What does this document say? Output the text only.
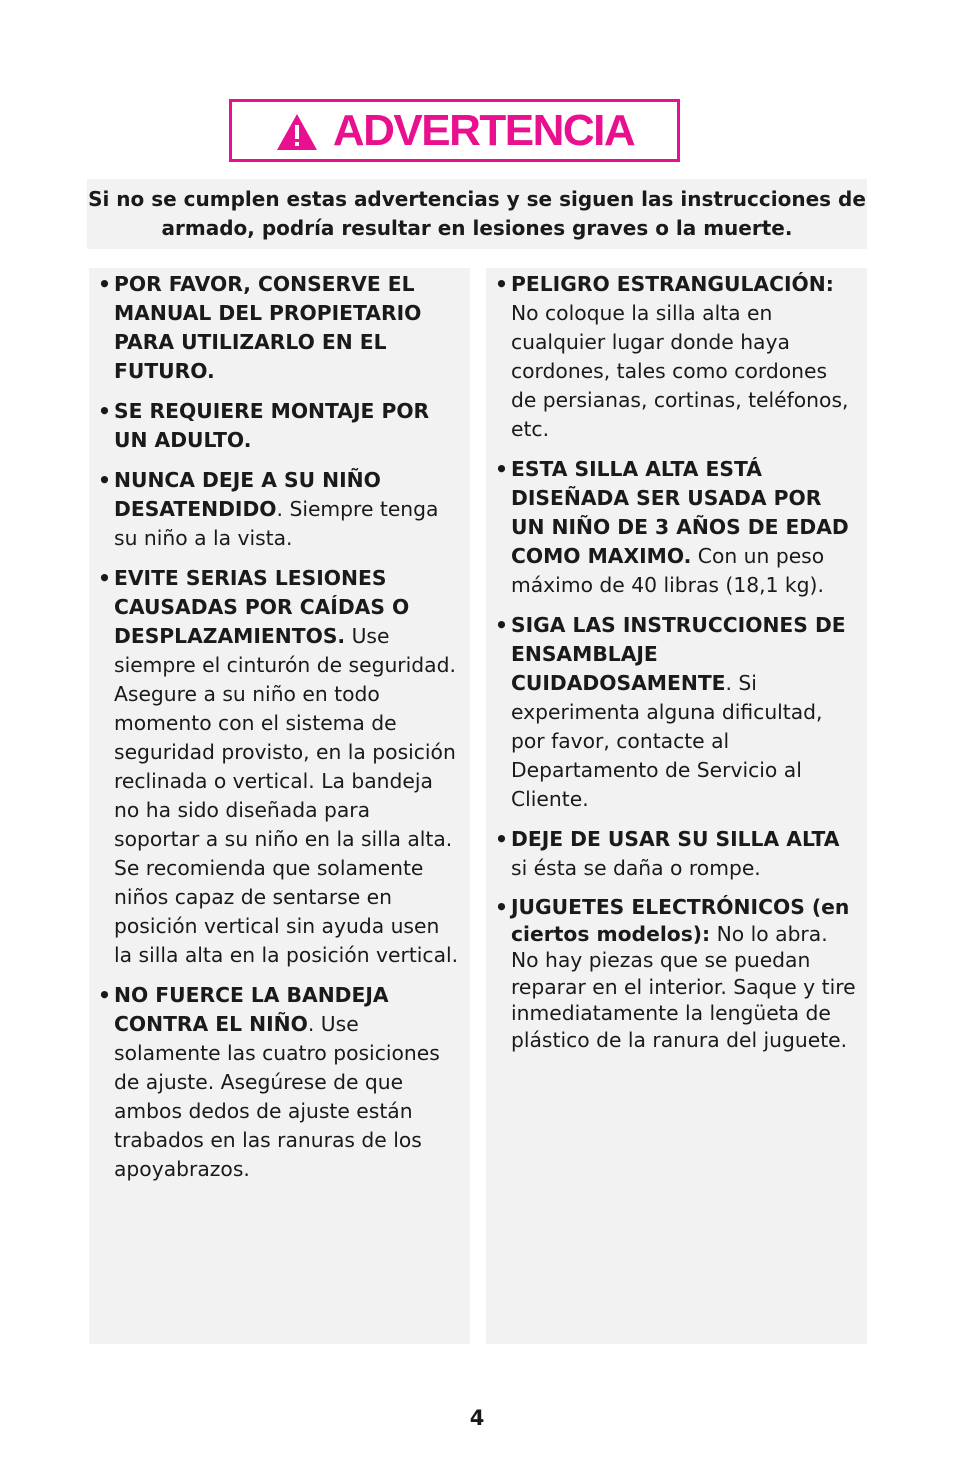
ADVERTENCIA

Si no se cumplen estas advertencias y se siguen las instrucciones de armado, podría resultar en lesiones graves o la muerte.

• POR FAVOR, CONSERVE EL MANUAL DEL PROPIETARIO PARA UTILIZARLO EN EL FUTURO.
• SE REQUIERE MONTAJE POR UN ADULTO.
• NUNCA DEJE A SU NIÑO DESATENDIDO. Siempre tenga su niño a la vista.
• EVITE SERIAS LESIONES CAUSADAS POR CAÍDAS O DESPLAZAMIENTOS. Use siempre el cinturón de seguridad. Asegure a su niño en todo momento con el sistema de seguridad provisto, en la posición reclinada o vertical. La bandeja no ha sido diseñada para soportar a su niño en la silla alta. Se recomienda que solamente niños capaz de sentarse en posición vertical sin ayuda usen la silla alta en la posición vertical.
• NO FUERCE LA BANDEJA CONTRA EL NIÑO. Use solamente las cuatro posiciones de ajuste. Asegúrese de que ambos dedos de ajuste están trabados en las ranuras de los apoyabrazos.
• PELIGRO ESTRANGULACIÓN: No coloque la silla alta en cualquier lugar donde haya cordones, tales como cordones de persianas, cortinas, teléfonos, etc.
• ESTA SILLA ALTA ESTÁ DISEÑADA SER USADA POR UN NIÑO DE 3 AÑOS DE EDAD COMO MAXIMO. Con un peso máximo de 40 libras (18,1 kg).
• SIGA LAS INSTRUCCIONES DE ENSAMBLAJE CUIDADOSAMENTE. Si experimenta alguna dificultad, por favor, contacte al Departamento de Servicio al Cliente.
• DEJE DE USAR SU SILLA ALTA si ésta se daña o rompe.
• JUGUETES ELECTRÓNICOS (en ciertos modelos): No lo abra. No hay piezas que se puedan reparar en el interior. Saque y tire inmediatamente la lengüeta de plástico de la ranura del juguete.
4
